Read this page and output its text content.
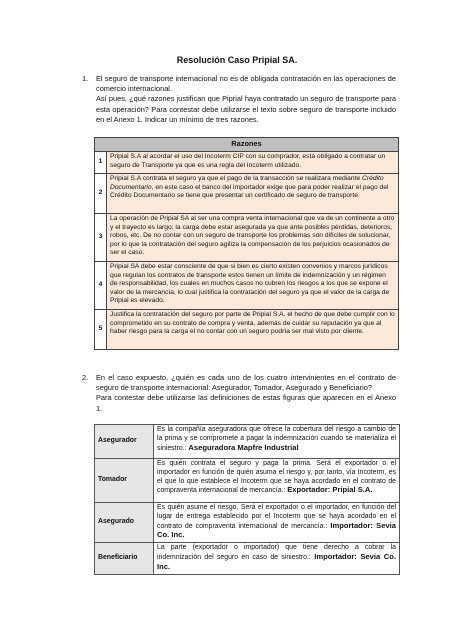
Resolución Caso Pripial SA.
1. El seguro de transporte internacional no es de obligada contratación en las operaciones de comercio internacional.

Así pues, ¿qué razones justifican que Piprial haya contratado un seguro de transporte para esta operación? Para contestar debe utilizarse el texto sobre seguro de transporte incluido en el Anexo 1. Indicar un mínimo de tres razones.

Razones	
1	Pripial S.A al acordar el uso del Incoterm CIP con su comprador, está obligado a contratar un seguro de Transporte ya que es una regla del Incoterm utilizado.
2	Pripial S.A contrata el seguro ya que el pago de la transacción se realizara mediante Crédito Documentario, en este caso el banco del importador exige que para poder realizar el pago del Crédito Documentario se tiene que presentar un certificado de seguro de transporte.
3	La operación de Pripial SA al ser una compra venta internacional que va de un continente a otro y el trayecto es largo; la carga debe estar asegurada ya que ante posibles pérdidas, deterioros, robos, etc. De no contar con un seguro de transporte los problemas son difíciles de solucionar, por lo que la contratación del seguro agiliza la compensación de los perjuicios ocasionados de ser el caso.
4	Pripial SA debe estar consciente de que si bien es cierto existen convenios y marcos jurídicos que regulan los contratos de transporte estos tienen un límite de indemnización y un régimen de responsabilidad, los cuales en muchos casos no cubren los riesgos a los que se expone el valor de la mercancía, lo cual justifica la contratación del seguro ya que el valor de la carga de Pripial es elevado.
5	Justifica la contratación del seguro por parte de Pripial S.A. el hecho de que debe cumplir con lo comprometido en su contrato de compra y venta, además de cuidar su reputación ya que al haber riesgo para la carga el no contar con un seguro podría ser mal visto por cliente.
2. En el caso expuesto, ¿quién es cada uno de los cuatro intervinientes en el contrato de seguro de transporte internacional: Asegurador, Tomador, Asegurado y Beneficiario?

Para contestar debe utilizarse las definiciones de estas figuras que aparecen en el Anexo 1.

Asegurador	Es la compañía aseguradora que ofrece la cobertura del riesgo a cambio de la prima y se compromete a pagar la indemnización cuando se materializa el siniestro.: Aseguradora Mapfre Industrial
Tomador	Es quién contrata el seguro y paga la prima. Será el exportador o el importador en función de quién asuma el riesgo y, por tanto, vía Incoterm, es el que lo que establece el Incoterm que se haya acordado en el contrato de compraventa internacional de mercancía.: Exportador: Pripial S.A.
Asegurado	Es quién asume el riesgo. Será el exportador o el importador, en función del lugar de entrega establecido por el Incoterm que se haya acordado en el contrato de compraventa internacional de mercancía.: Importador: Sevia Co. Inc.
Beneficiario	La parte (exportador o importador) que tiene derecho a cobrar la indemnización del seguro en caso de siniestro.: Importador: Sevia Co. Inc.
